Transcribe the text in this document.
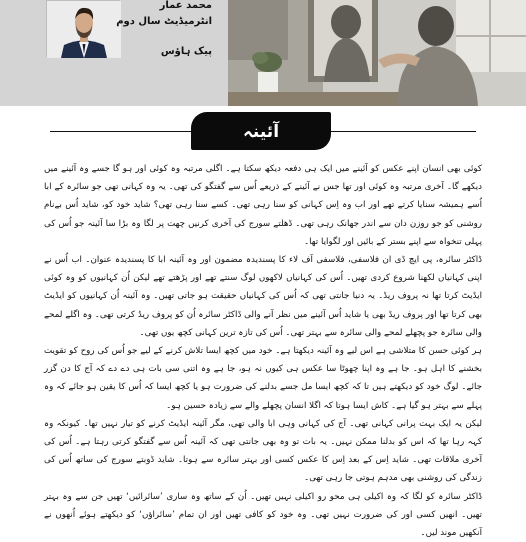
محمد عمار
انٹرمیڈیٹ سال دوم
پیک ہاؤس
آئینہ

کوئی بھی انسان اپنے عکس کو آئینے میں ایک ہی دفعہ دیکھ سکتا ہے۔ اگلی مرتبہ وہ کوئی اور ہو گا جسے وہ آئینے میں دیکھے گا۔ آخری مرتبہ وہ کوئی اور تھا جس نے آئینے کے ذریعے اُس سے گفتگو کی تھی۔ یہ وہ کہانی تھی جو سائرہ کے ابا اُسے ہمیشہ سنایا کرتے تھے اور اب وہ اِس کہانی کو سنا رہی تھی۔ کسے سنا رہی تھی؟ شاید خود کو، شاید اُس بےنام روشنی کو جو روزن دان سے اندر جھانک رہی تھی۔ ڈھلتے سورج کی آخری کرنیں چھت پر لگا وہ بڑا سا آئینہ جو اُس کی پہلی تنخواہ سے اپنے بستر کے بائیں اور لگوایا تھا۔

ڈاکٹر سائرہ، پی ایچ ڈی ان فلاسفی، فلاسفی آف لاء کا پسندیدہ مضمون اور وہ آئینہ ابا کا پسندیدہ عنوان۔ اب اُس نے اپنی کہانیاں لکھنا شروع کردی تھیں۔ اُس کی کہانیاں لاکھوں لوگ سنتے تھے اور پڑھتے تھے لیکن اُن کہانیوں کو وہ کوئی ایڈیٹ کرتا تھا نہ پروف ریڈ۔ یہ دنیا جانتی تھی کہ اُس کی کہانیاں حقیقت ہو جاتی تھیں۔ وہ آئینہ اُن کہانیوں کو ایڈیٹ بھی کرتا تھا اور پروف ریڈ بھی یا شاید اُس آئینے میں نظر آنے والی ڈاکٹر سائرہ اُن کو پروف ریڈ کرتی تھی۔ وہ اگلے لمحے والی سائرہ جو پچھلے لمحے والی سائرہ سے بہتر تھی۔ اُس کی تازہ ترین کہانی کچھ یوں تھی۔

ہر کوئی حسن کا متلاشی ہے اس لیے وہ آئینہ دیکھتا ہے۔ خود میں کچھ ایسا تلاش کرنے کے لیے جو اُس کی روح کو تقویت بخشنے کا اہل ہو۔ جا ہے وہ اپنا چھوٹا سا عکس ہی کیوں نہ ہو، جا ہے وہ اتنی سی بات ہی دے دے کہ آج کا دن گزر جائے۔ لوگ خود کو دیکھتے ہیں تا کہ کچھ ایسا مل جسے بدلنے کی ضرورت ہو یا کچھ ایسا کہ اُس کا یقین ہو جائے کہ وہ پہلے سے بہتر ہو گیا ہے۔ کاش ایسا ہوتا کہ اگلا انسان پچھلے والے سے زیادہ حسین ہو۔

لیکن یہ ایک بہت پرانی کہانی تھی۔ آج کی کہانی وہی ابا والی تھی، مگر آئینہ ایڈیٹ کرنے کو تیار نہیں تھا۔ کیونکہ وہ کہہ رہا تھا کہ اس کو بدلنا ممکن نہیں۔ یہ بات تو وہ بھی جانتی تھی کہ آئینہ اُس سے گفتگو کرتی رہتا ہے۔ اُس کی آخری ملاقات تھی۔ شاید اِس کے بعد اِس کا عکس کسی اور بہتر سائرہ سے ہوتا۔ شاید ڈوبتے سورج کی ساتھ اُس کی زندگی کی روشنی بھی مدہم ہوتی جا رہی تھی۔

ڈاکٹر سائرہ کو لگا کہ وہ اکیلی ہی محو رو اکیلی نہیں تھیں۔ اُن کے ساتھ وہ ساری ’سائرائیں‘ تھیں جن سے وہ بہتر تھیں۔ انھیں کسی اور کی ضرورت نہیں تھی۔ وہ خود کو کافی تھیں اور ان تمام ’سائراؤں‘ کو دیکھتے ہوئے اُنھوں نے آنکھیں موند لیں۔
